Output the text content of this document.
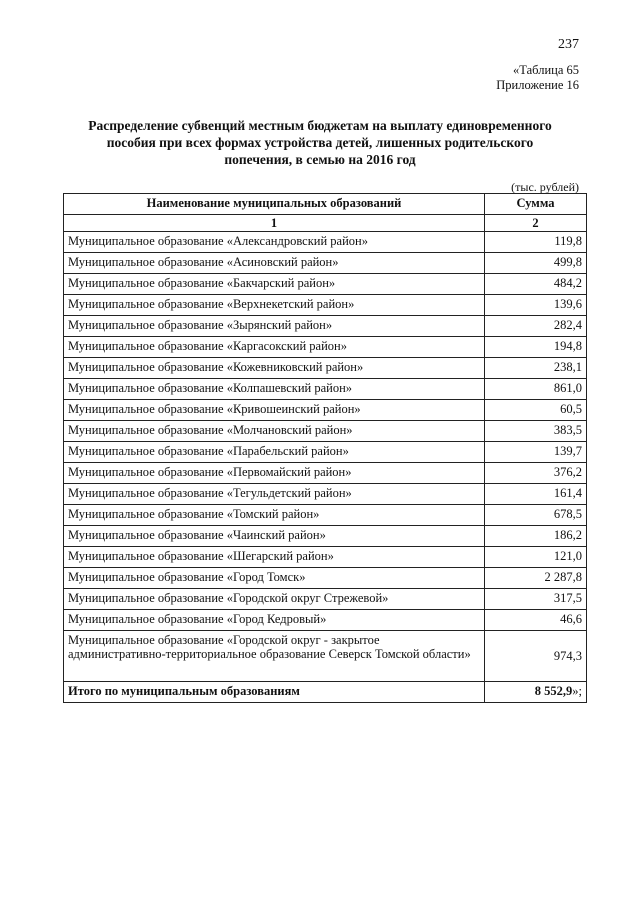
237
«Таблица 65
Приложение 16
Распределение субвенций местным бюджетам на выплату единовременного пособия при всех формах устройства детей, лишенных родительского попечения, в семью на 2016 год
(тыс. рублей)
Наименование муниципальных образований	Сумма
1	2
Муниципальное образование «Александровский район»	119,8
Муниципальное образование «Асиновский район»	499,8
Муниципальное образование «Бакчарский район»	484,2
Муниципальное образование «Верхнекетский район»	139,6
Муниципальное образование «Зырянский район»	282,4
Муниципальное образование «Каргасокский район»	194,8
Муниципальное образование «Кожевниковский район»	238,1
Муниципальное образование «Колпашевский район»	861,0
Муниципальное образование «Кривошеинский район»	60,5
Муниципальное образование «Молчановский район»	383,5
Муниципальное образование «Парабельский район»	139,7
Муниципальное образование «Первомайский район»	376,2
Муниципальное образование «Тегульдетский район»	161,4
Муниципальное образование «Томский район»	678,5
Муниципальное образование «Чаинский район»	186,2
Муниципальное образование «Шегарский район»	121,0
Муниципальное образование «Город Томск»	2 287,8
Муниципальное образование «Городской округ Стрежевой»	317,5
Муниципальное образование «Город Кедровый»	46,6
Муниципальное образование «Городской округ - закрытое административно-территориальное образование Северск Томской области»	974,3
Итого по муниципальным образованиям	8 552,9»;
